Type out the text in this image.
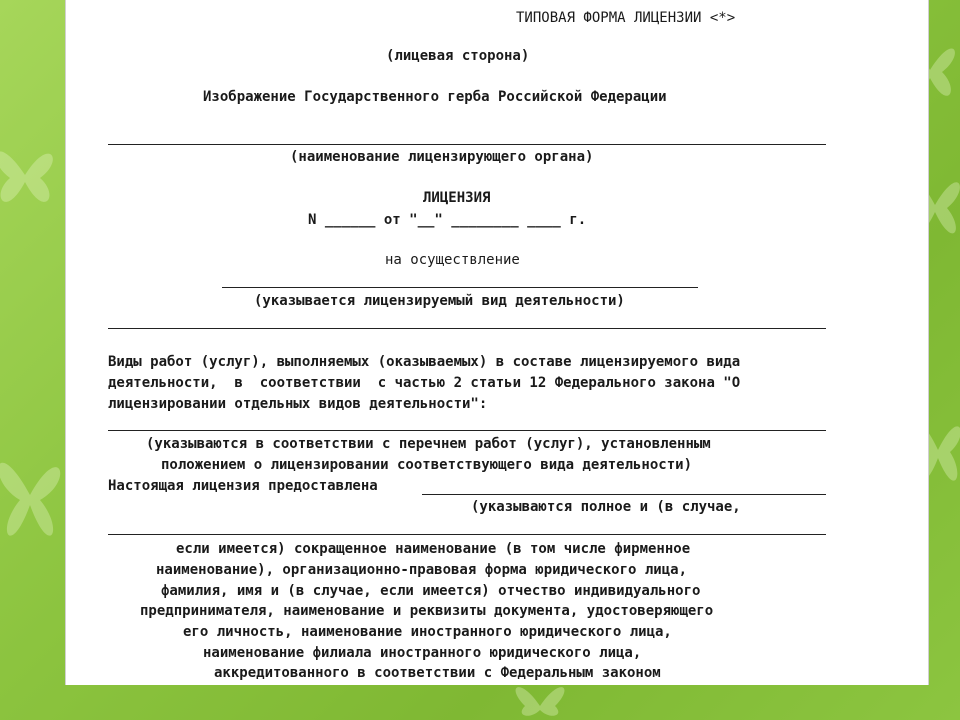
ТИПОВАЯ ФОРМА ЛИЦЕНЗИИ <*>
(лицевая сторона)
Изображение Государственного герба Российской Федерации
(наименование лицензирующего органа)
ЛИЦЕНЗИЯ
N ______ от "__" ________ ____ г.
на осуществление
(указывается лицензируемый вид деятельности)
Виды работ (услуг), выполняемых (оказываемых) в составе лицензируемого вида
деятельности,  в  соответствии  с частью 2 статьи 12 Федерального закона "О
лицензировании отдельных видов деятельности":
(указываются в соответствии с перечнем работ (услуг), установленным
положением о лицензировании соответствующего вида деятельности)
Настоящая лицензия предоставлена
(указываются полное и (в случае,
если имеется) сокращенное наименование (в том числе фирменное
наименование), организационно-правовая форма юридического лица,
фамилия, имя и (в случае, если имеется) отчество индивидуального
предпринимателя, наименование и реквизиты документа, удостоверяющего
его личность, наименование иностранного юридического лица,
наименование филиала иностранного юридического лица,
аккредитованного в соответствии с Федеральным законом
